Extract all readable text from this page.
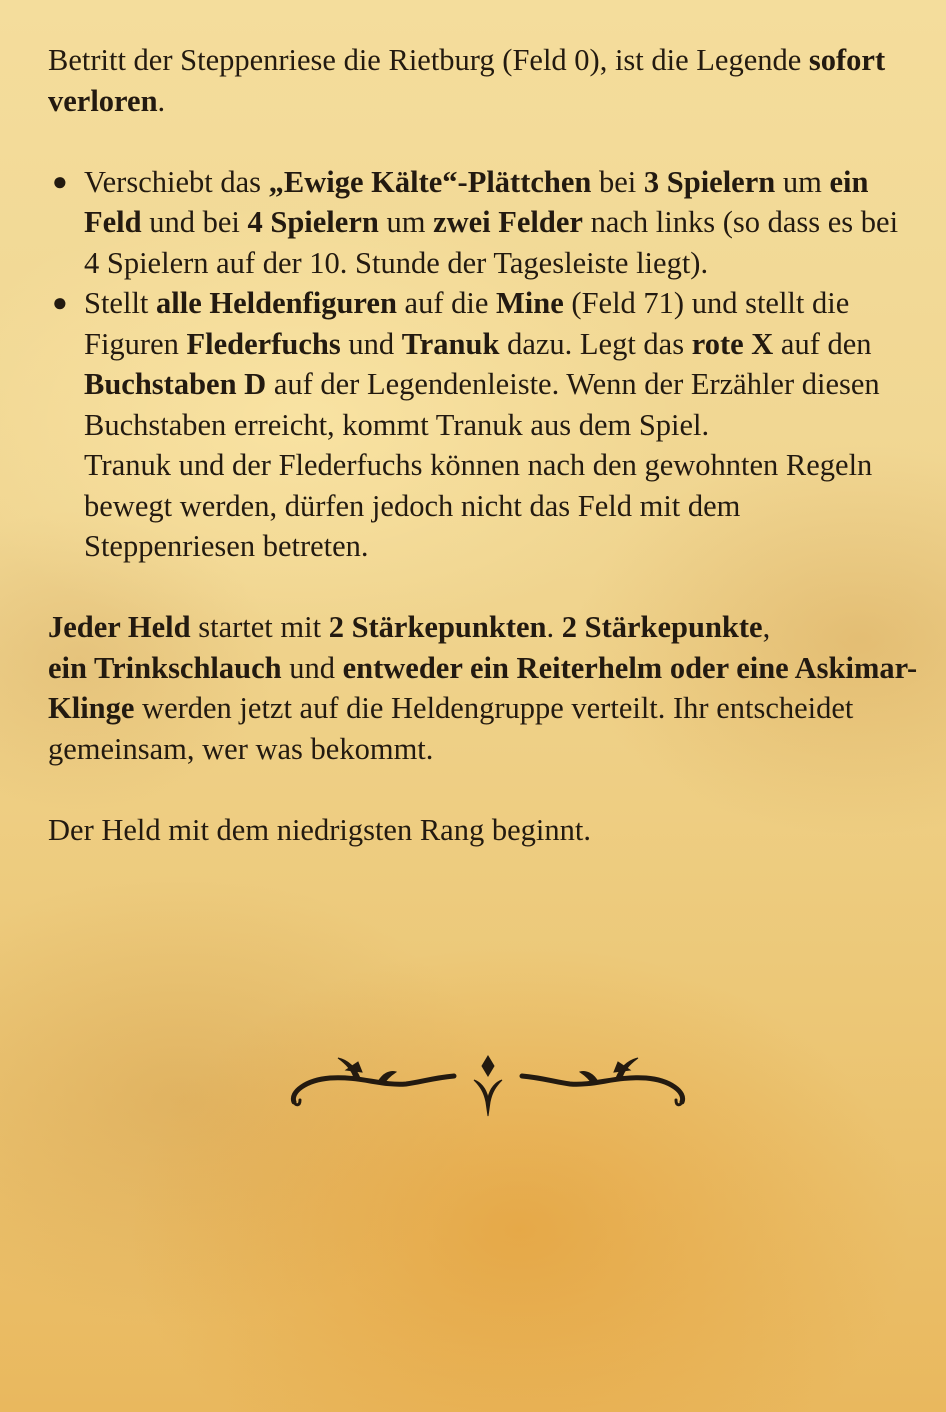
Betritt der Steppenriese die Rietburg (Feld 0), ist die Legende sofort verloren.

● Verschiebt das „Ewige Kälte“-Plättchen bei 3 Spielern um ein Feld und bei 4 Spielern um zwei Felder nach links (so dass es bei 4 Spielern auf der 10. Stunde der Tagesleiste liegt).
● Stellt alle Heldenfiguren auf die Mine (Feld 71) und stellt die Figuren Flederfuchs und Tranuk dazu. Legt das rote X auf den Buchstaben D auf der Legendenleiste. Wenn der Erzähler diesen Buchstaben erreicht, kommt Tranuk aus dem Spiel.
Tranuk und der Flederfuchs können nach den gewohnten Regeln bewegt werden, dürfen jedoch nicht das Feld mit dem Steppenriesen betreten.

Jeder Held startet mit 2 Stärkepunkten. 2 Stärkepunkte,
ein Trinkschlauch und entweder ein Reiterhelm oder eine Askimar-Klinge werden jetzt auf die Heldengruppe verteilt. Ihr entscheidet gemeinsam, wer was bekommt.

Der Held mit dem niedrigsten Rang beginnt.
